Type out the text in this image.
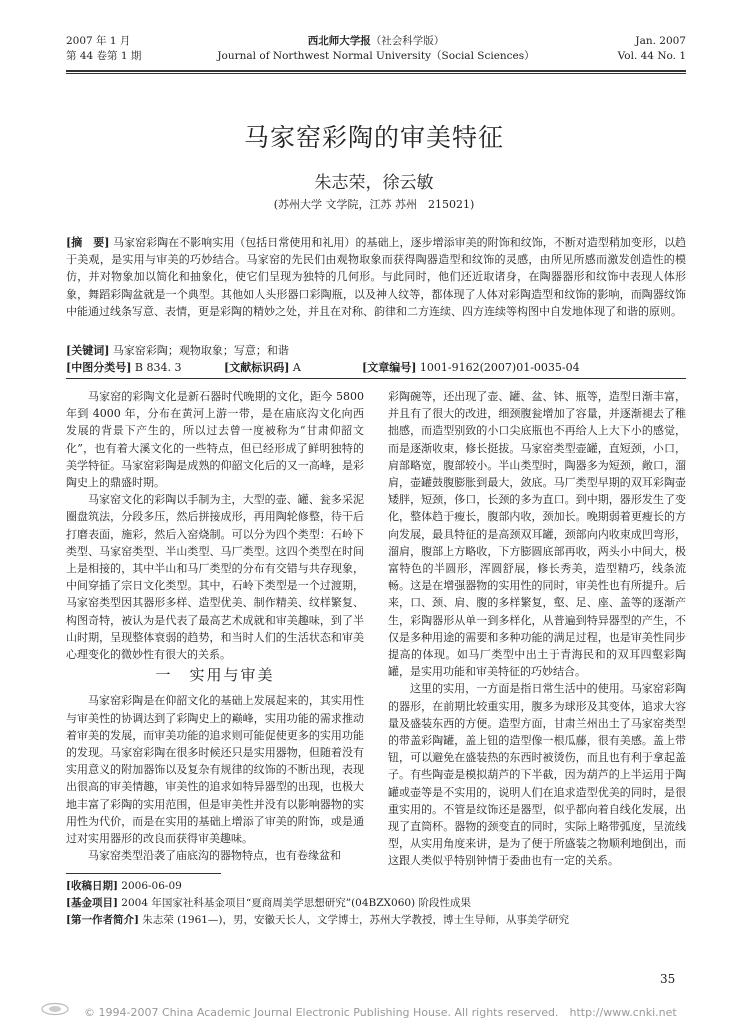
2007 年 1 月
第 44 卷第 1 期
西北师大学报（社会科学版）
Journal of Northwest Normal University（Social Sciences）
Jan. 2007
Vol. 44 No. 1
马家窑彩陶的审美特征
朱志荣，徐云敏
(苏州大学 文学院，江苏 苏州　215021)
[摘　要] 马家窑彩陶在不影响实用（包括日常使用和礼用）的基础上，逐步增添审美的附饰和纹饰，不断对造型稍加变形，以趋于美观，是实用与审美的巧妙结合。马家窑的先民们由观物取象而获得陶器造型和纹饰的灵感，由所见所感而激发创造性的模仿，并对物象加以简化和抽象化，使它们呈现为独特的几何形。与此同时，他们还近取诸身，在陶器器形和纹饰中表现人体形象，舞蹈彩陶盆就是一个典型。其他如人头形器口彩陶瓶，以及神人纹等，都体现了人体对彩陶造型和纹饰的影响，而陶器纹饰中能通过线条写意、表情，更是彩陶的精妙之处，并且在对称、韵律和二方连续、四方连续等构图中自发地体现了和谐的原则。
[关键词] 马家窑彩陶；观物取象；写意；和谐
[中图分类号] B 834. 3	[文献标识码] A	[文章编号] 1001-9162(2007)01-0035-04

马家窑的彩陶文化是新石器时代晚期的文化，距今 5800 年到 4000 年，分布在黄河上游一带，是在庙底沟文化向西发展的背景下产生的，所以过去曾一度被称为“甘肃仰韶文化”，也有着大溪文化的一些特点，但已经形成了鲜明独特的美学特征。马家窑彩陶是成熟的仰韶文化后的又一高峰，是彩陶史上的鼎盛时期。

马家窑文化的彩陶以手制为主，大型的壶、罐、瓮多采泥圈盘筑法，分段多压，然后拼接成形，再用陶轮修整，待干后打磨表面，施彩，然后入窑烧制。可以分为四个类型：石岭下类型、马家窑类型、半山类型、马厂类型。这四个类型在时间上是相接的，其中半山和马厂类型的分布有交错与共存现象，中间穿插了宗日文化类型。其中，石岭下类型是一个过渡期，马家窑类型因其器形多样、造型优美、制作精美、纹样繁复、构图奇特，被认为是代表了最高艺术成就和审美趣味，到了半山时期，呈现整体衰弱的趋势，和当时人们的生活状态和审美心理变化的微妙性有很大的关系。

一　实用与审美

马家窑彩陶是在仰韶文化的基础上发展起来的，其实用性与审美性的协调达到了彩陶史上的巅峰，实用功能的需求推动着审美的发展，而审美功能的追求则可能促使更多的实用功能的发现。马家窑彩陶在很多时候还只是实用器物，但随着没有实用意义的附加器饰以及复杂有规律的纹饰的不断出现，表现出很高的审美情趣，审美性的追求如特异器型的出现，也极大地丰富了彩陶的实用范围，但是审美性并没有以影响器物的实用性为代价，而是在实用的基础上增添了审美的附饰，或是通过对实用器形的改良而获得审美趣味。

马家窑类型沿袭了庙底沟的器物特点，也有卷缘盆和

彩陶碗等，还出现了壶、罐、盆、钵、瓶等，造型日渐丰富，并且有了很大的改进，细颈腹瓮增加了容量，并逐渐褪去了稚拙感，而造型别致的小口尖底瓶也不再给人上大下小的感觉，而是逐渐收束，修长挺拔。马家窑类型壶罐，直短颈，小口，肩部略宽，腹部较小。半山类型时，陶器多为短颈，敞口，溜肩，壶罐鼓腹膨胀到最大，敛底。马厂类型早期的双耳彩陶壶矮胖，短颈，侈口，长颈的多为直口。到中期，器形发生了变化，整体趋于瘦长，腹部内收，颈加长。晚期弱着更瘦长的方向发展，最具特征的是高颈双耳罐，颈部向内收束成凹弯形，溜肩，腹部上方略收，下方膨圆底部再收，两头小中间大，极富特色的半圆形，浑圆舒展，修长秀美，造型精巧，线条流畅。这是在增强器物的实用性的同时，审美性也有所提升。后来，口、颈、肩、腹的多样繁复，壑、足、座、盖等的逐渐产生，彩陶器形从单一到多样化，从普遍到特异器型的产生，不仅是多种用途的需要和多种功能的满足过程，也是审美性同步提高的体现。如马厂类型中出土于青海民和的双耳四壑彩陶罐，是实用功能和审美特征的巧妙结合。

这里的实用，一方面是指日常生活中的使用。马家窑彩陶的器形，在前期比较重实用，腹多为球形及其变体，追求大容量及盛装东西的方便。造型方面，甘肃兰州出土了马家窑类型的带盖彩陶罐，盖上钮的造型像一根瓜藤，很有美感。盖上带钮，可以避免在盛装热的东西时被烫伤，而且也有利于拿起盖子。有些陶壶是模拟葫芦的下半截，因为葫芦的上半运用于陶罐或壶等是不实用的，说明人们在追求造型优美的同时，是很重实用的。不管是纹饰还是器型，似乎都向着自线化发展，出现了直筒杯。器物的颈变直的同时，实际上略带弧度，呈流线型，从实用角度来讲，是为了便于所盛装之物顺利地倒出，而这跟人类似乎特别钟情于委曲也有一定的关系。

[收稿日期] 2006-06-09
[基金项目] 2004 年国家社科基金项目“夏商周美学思想研究”(04BZX060) 阶段性成果
[第一作者简介] 朱志荣 (1961—)，男，安徽天长人，文学博士，苏州大学教授，博士生导师，从事美学研究
35
© 1994-2007 China Academic Journal Electronic Publishing House. All rights reserved.　http://www.cnki.net
